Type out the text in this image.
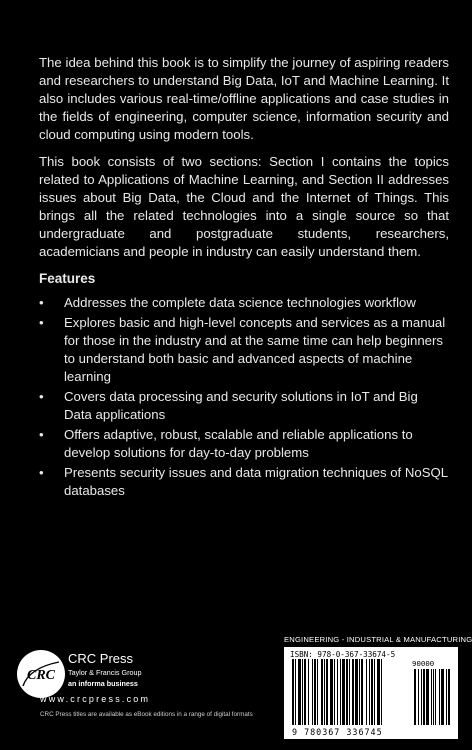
The idea behind this book is to simplify the journey of aspiring readers and researchers to understand Big Data, IoT and Machine Learning. It also includes various real-time/offline applications and case studies in the fields of engineering, computer science, information security and cloud computing using modern tools.

This book consists of two sections: Section I contains the topics related to Applications of Machine Learning, and Section II addresses issues about Big Data, the Cloud and the Internet of Things. This brings all the related technologies into a single source so that undergraduate and postgraduate students, researchers, academicians and people in industry can easily understand them.

Features
• Addresses the complete data science technologies workflow
• Explores basic and high-level concepts and services as a manual for those in the industry and at the same time can help beginners to understand both basic and advanced aspects of machine learning
• Covers data processing and security solutions in IoT and Big Data applications
• Offers adaptive, robust, scalable and reliable applications to develop solutions for day-to-day problems
• Presents security issues and data migration techniques of NoSQL databases
CRC
CRC Press
Taylor & Francis Group
an informa business
www.crcpress.com
CRC Press titles are available as eBook editions in a range of digital formats
ENGINEERING - INDUSTRIAL & MANUFACTURING
ISBN: 978-0-367-33674-5
90000
9 780367 336745
